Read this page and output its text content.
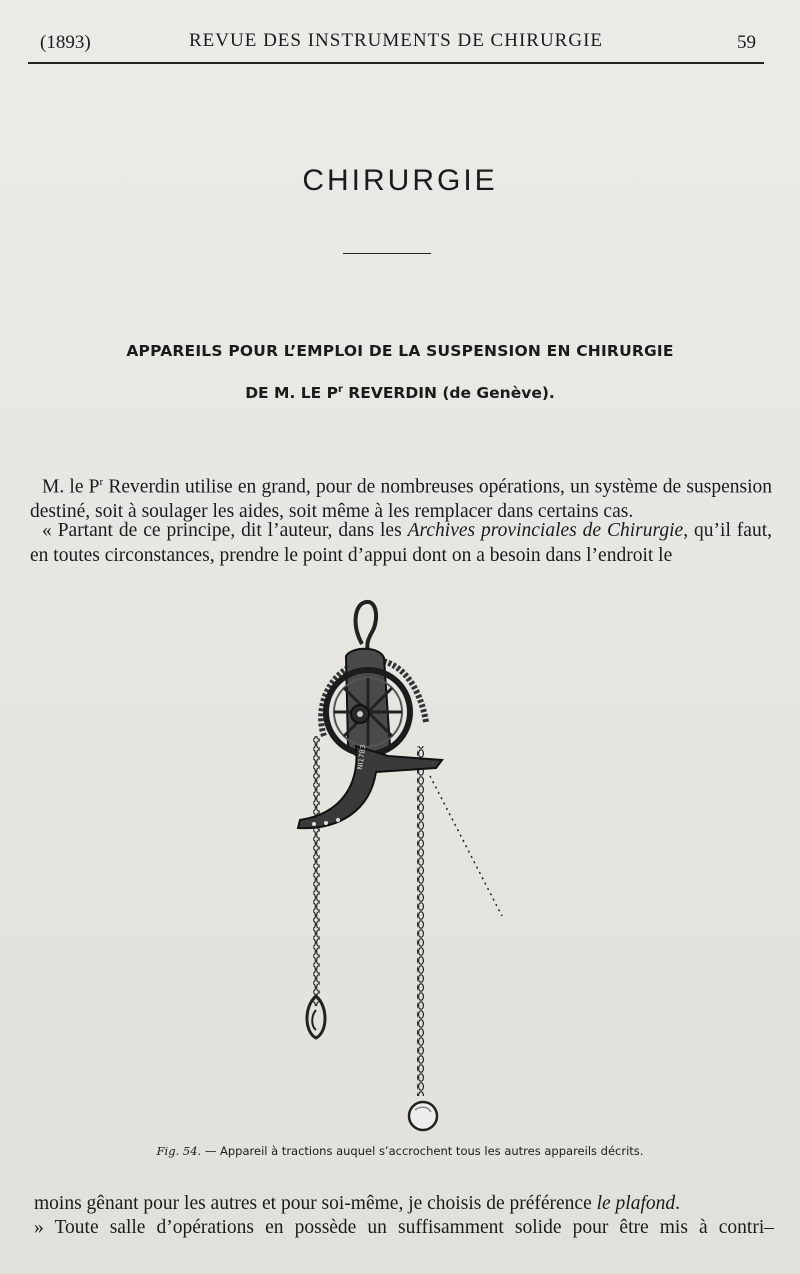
(1893)	REVUE DES INSTRUMENTS DE CHIRURGIE	59
CHIRURGIE
APPAREILS POUR L’EMPLOI DE LA SUSPENSION EN CHIRURGIE
DE M. LE $P^r$ REVERDIN (de Genève).
M. le $P^r$ Reverdin utilise en grand, pour de nombreuses opérations, un système de suspension destiné, soit à soulager les aides, soit même à les remplacer dans certains cas.
« Partant de ce principe, dit l’auteur, dans les Archives provinciales de Chirurgie, qu’il faut, en toutes circonstances, prendre le point d’appui dont on a besoin dans l’endroit le
NI1783
Fig. 54. — Appareil à tractions auquel s’accrochent tous les autres appareils décrits.
moins gênant pour les autres et pour soi-même, je choisis de préférence le plafond.
» Toute salle d’opérations en possède un suffisamment solide pour être mis à contri–
